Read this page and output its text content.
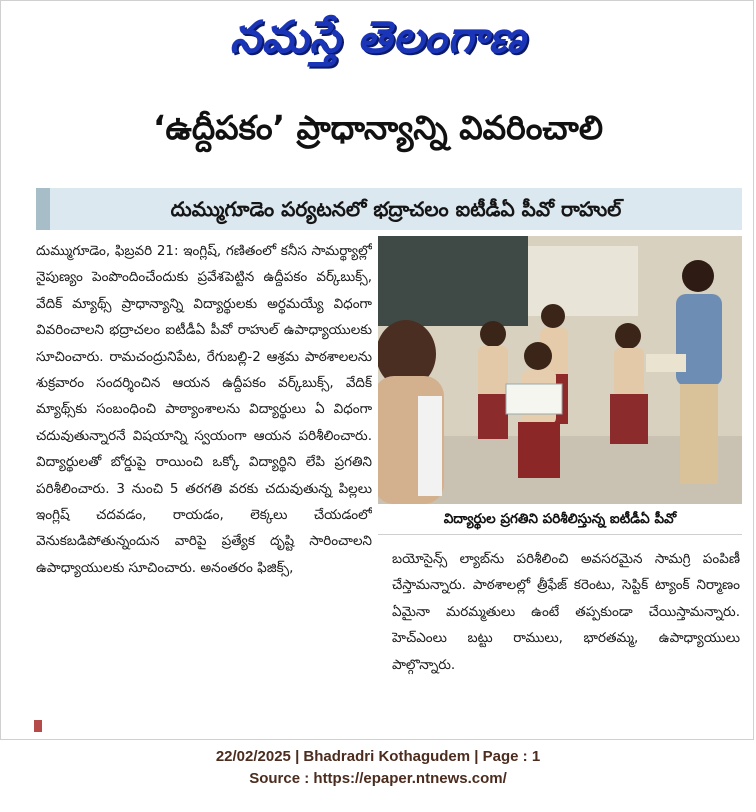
నమస్తే తెలంగాణ
‘ఉద్దీపకం’ ప్రాధాన్యాన్ని వివరించాలి
దుమ్ముగూడెం పర్యటనలో భద్రాచలం ఐటీడీఏ పీవో రాహుల్

దుమ్ముగూడెం, ఫిబ్రవరి 21: ఇంగ్లిష్, గణితంలో కనీస సామర్థ్యాల్లో నైపుణ్యం పెంపొందించేందుకు ప్రవేశపెట్టిన ఉద్దీపకం వర్క్‌బుక్స్, వేదిక్ మ్యాథ్స్ ప్రాధాన్యాన్ని విద్యార్థులకు అర్థమయ్యే విధంగా వివరించాలని భద్రాచలం ఐటీడీఏ పీవో రాహుల్ ఉపాధ్యాయులకు సూచించారు. రామచంద్రునిపేట, రేగుబల్లి-2 ఆశ్రమ పాఠశాలలను శుక్రవారం సందర్శించిన ఆయన ఉద్దీపకం వర్క్‌బుక్స్, వేదిక్ మ్యాథ్స్‌కు సంబంధించి పాఠ్యాంశాలను విద్యార్థులు ఏ విధంగా చదువుతున్నారనే విషయాన్ని స్వయంగా ఆయన పరిశీలించారు. విద్యార్థులతో బోర్డుపై రాయించి ఒక్కో విద్యార్థిని లేపి ప్రగతిని పరిశీలించారు. 3 నుంచి 5 తరగతి వరకు చదువుతున్న పిల్లలు ఇంగ్లిష్ చదవడం, రాయడం, లెక్కలు చేయడంలో వెనుకబడిపోతున్నందున వారిపై ప్రత్యేక దృష్టి సారించాలని ఉపాధ్యాయులకు సూచించారు. అనంతరం ఫిజిక్స్,

విద్యార్థుల ప్రగతిని పరిశీలిస్తున్న ఐటీడీఏ పీవో

బయోసైన్స్ ల్యాబ్‌ను పరిశీలించి అవసరమైన సామగ్రి పంపిణీ చేస్తామన్నారు. పాఠశాలల్లో త్రీఫేజ్ కరెంటు, సెప్టిక్ ట్యాంక్ నిర్మాణం ఏమైనా మరమ్మతులు ఉంటే తప్పకుండా చేయిస్తామన్నారు. హెచ్‌ఎంలు బట్టు రాములు, భారతమ్మ, ఉపాధ్యాయులు పాల్గొన్నారు.

22/02/2025 | Bhadradri Kothagudem | Page : 1
Source : https://epaper.ntnews.com/
